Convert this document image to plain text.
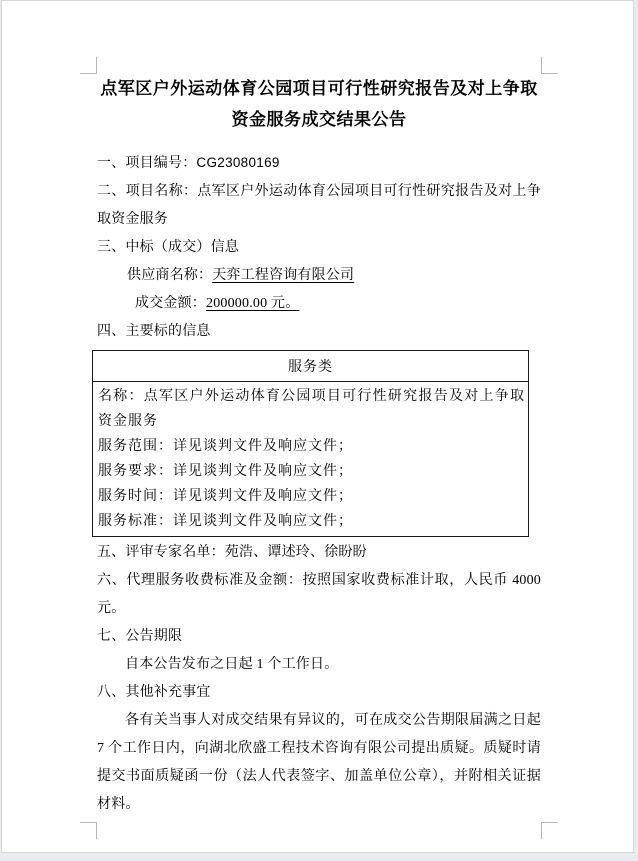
点军区户外运动体育公园项目可行性研究报告及对上争取
资金服务成交结果公告

一、项目编号：CG23080169

二、项目名称：点军区户外运动体育公园项目可行性研究报告及对上争取资金服务

三、中标（成交）信息

供应商名称：天弈工程咨询有限公司

成交金额：200000.00 元。

四、主要标的信息

服务类

名称：点军区户外运动体育公园项目可行性研究报告及对上争取资金服务
服务范围：详见谈判文件及响应文件；
服务要求：详见谈判文件及响应文件；
服务时间：详见谈判文件及响应文件；
服务标准：详见谈判文件及响应文件；

五、评审专家名单：苑浩、谭述玲、徐盼盼

六、代理服务收费标准及金额：按照国家收费标准计取，人民币 4000 元。

七、公告期限

自本公告发布之日起 1 个工作日。

八、其他补充事宜

各有关当事人对成交结果有异议的，可在成交公告期限届满之日起 7 个工作日内，向湖北欣盛工程技术咨询有限公司提出质疑。质疑时请提交书面质疑函一份（法人代表签字、加盖单位公章），并附相关证据材料。
